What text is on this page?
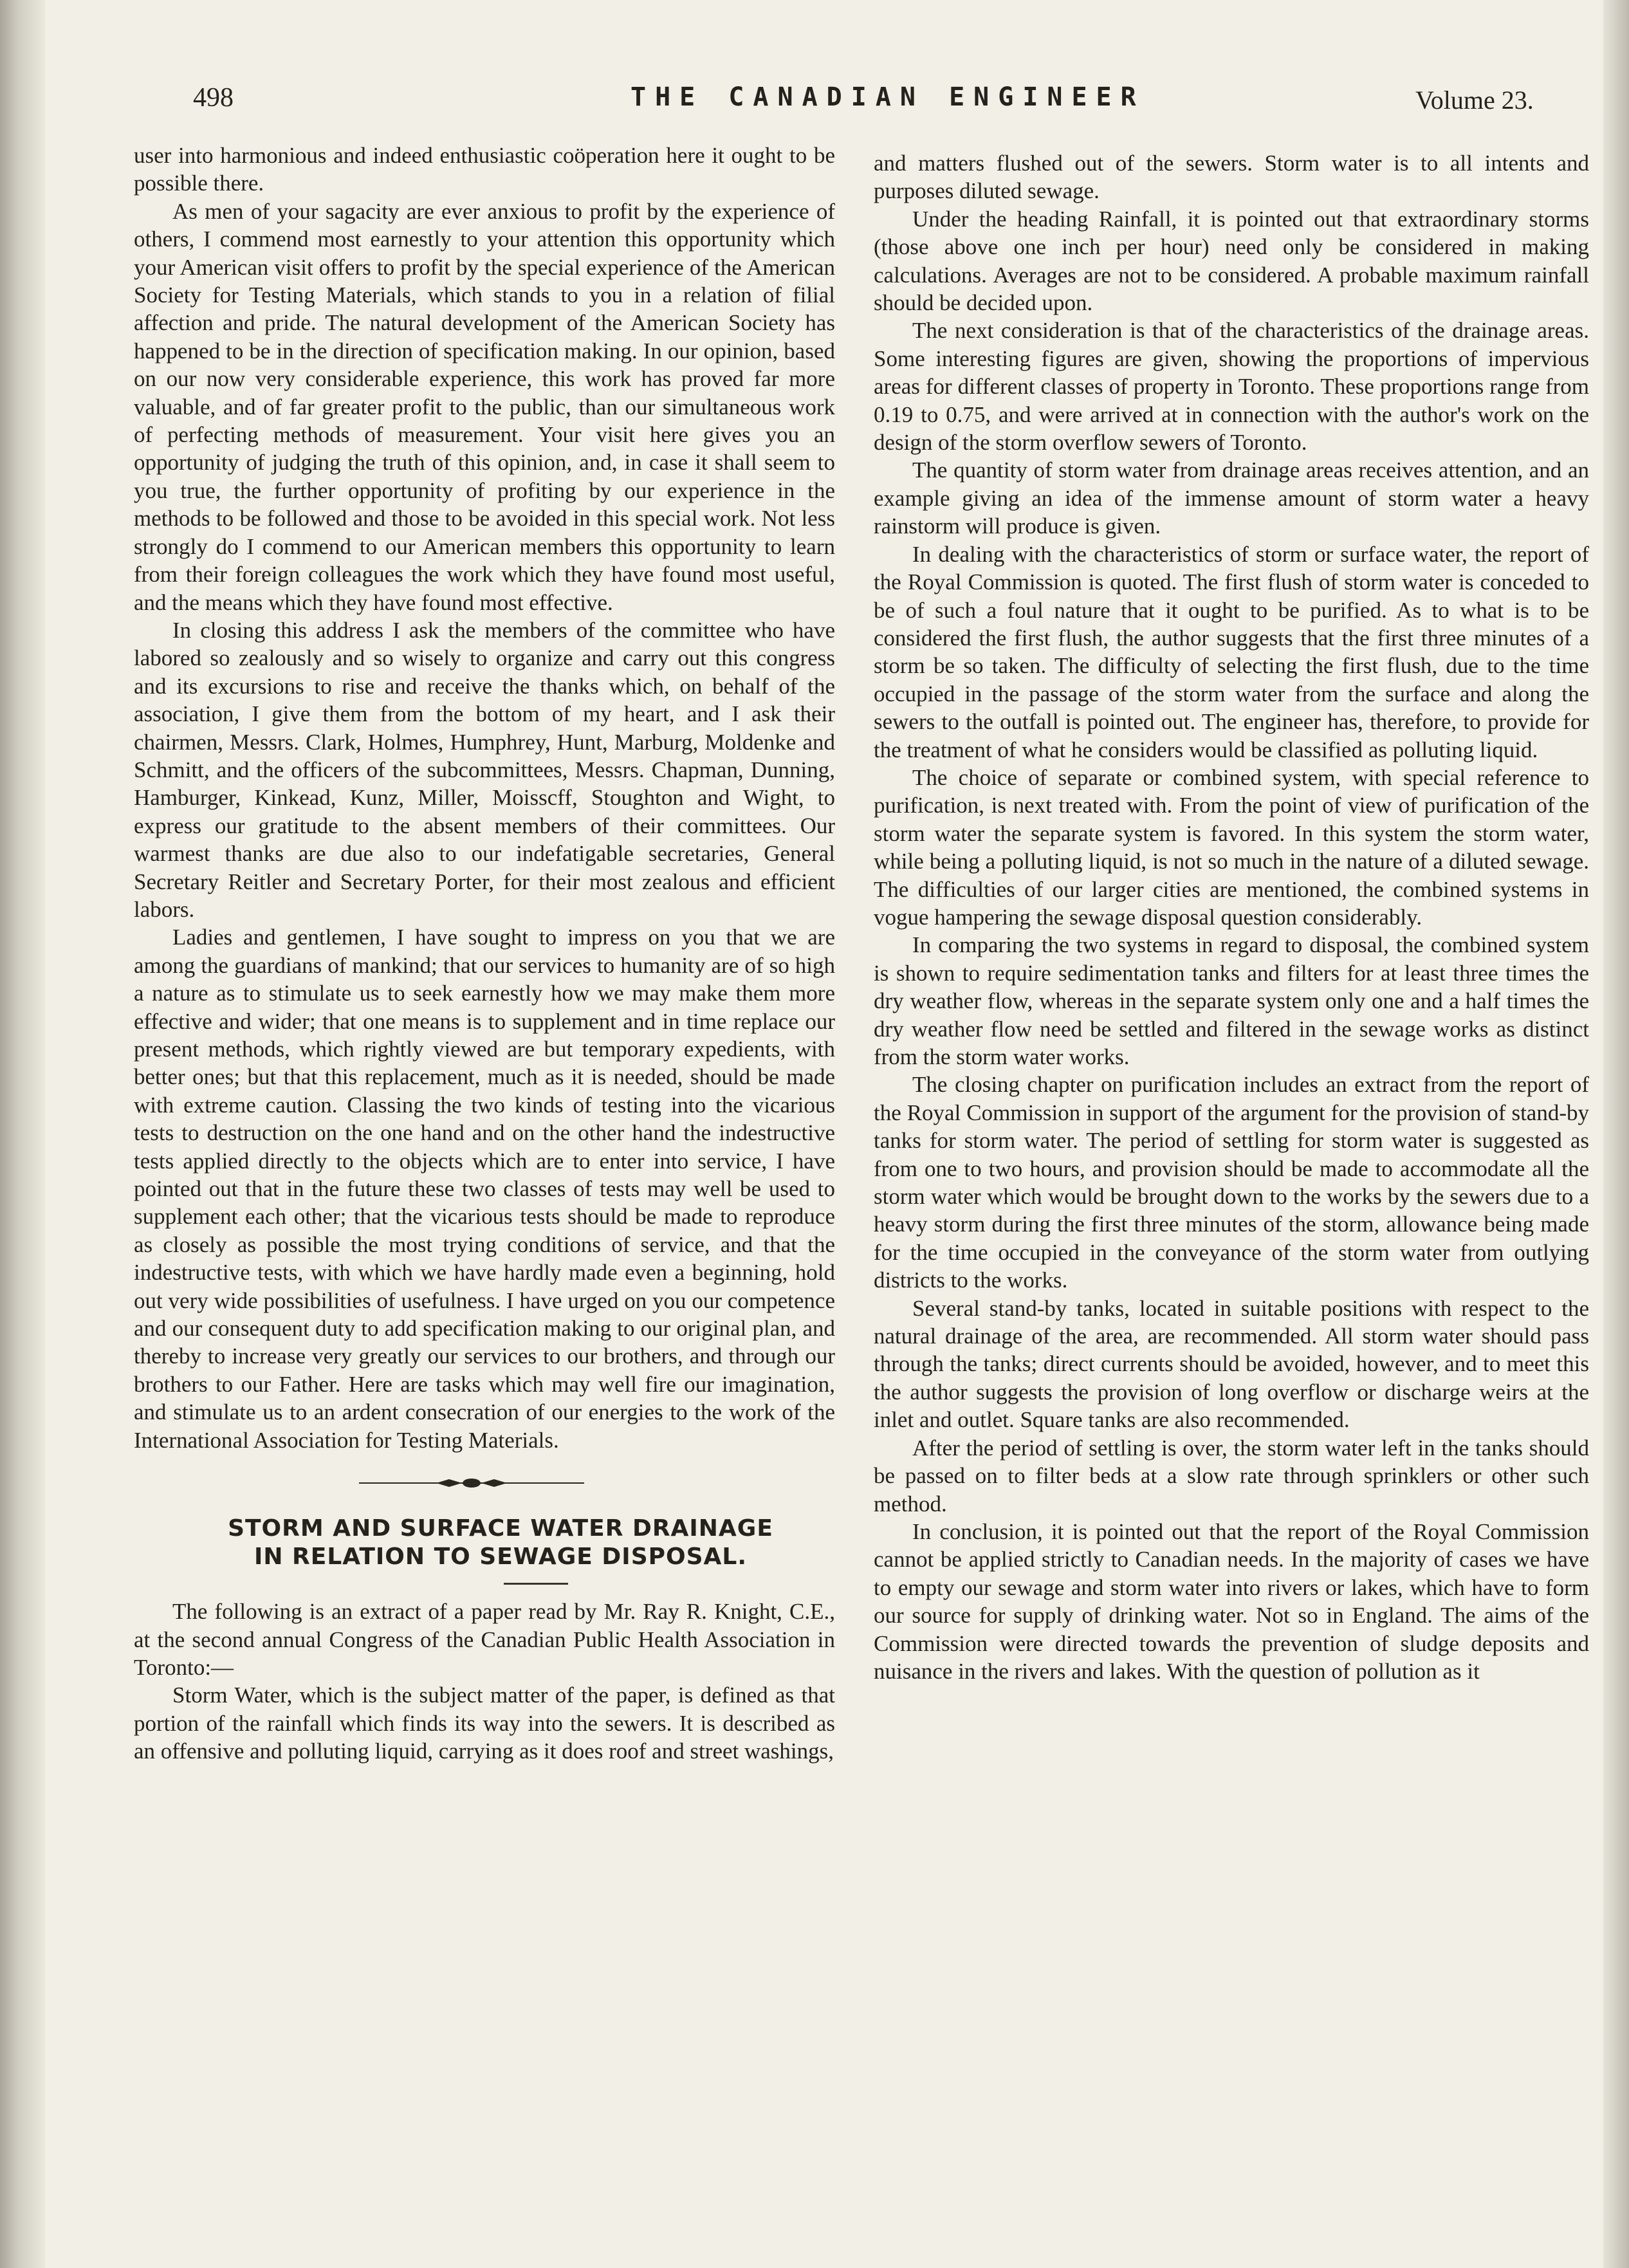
498	THE CANADIAN ENGINEER	Volume 23.

user into harmonious and indeed enthusiastic coöperation here it ought to be possible there.

As men of your sagacity are ever anxious to profit by the experience of others, I commend most earnestly to your attention this opportunity which your American visit offers to profit by the special experience of the American Society for Testing Materials, which stands to you in a relation of filial affection and pride. The natural development of the American Society has happened to be in the direction of specification making. In our opinion, based on our now very considerable experience, this work has proved far more valuable, and of far greater profit to the public, than our simultaneous work of perfecting methods of measurement. Your visit here gives you an opportunity of judging the truth of this opinion, and, in case it shall seem to you true, the further opportunity of profiting by our experience in the methods to be followed and those to be avoided in this special work. Not less strongly do I commend to our American members this opportunity to learn from their foreign colleagues the work which they have found most useful, and the means which they have found most effective.

In closing this address I ask the members of the committee who have labored so zealously and so wisely to organize and carry out this congress and its excursions to rise and receive the thanks which, on behalf of the association, I give them from the bottom of my heart, and I ask their chairmen, Messrs. Clark, Holmes, Humphrey, Hunt, Marburg, Moldenke and Schmitt, and the officers of the subcommittees, Messrs. Chapman, Dunning, Hamburger, Kinkead, Kunz, Miller, Moisscff, Stoughton and Wight, to express our gratitude to the absent members of their committees. Our warmest thanks are due also to our indefatigable secretaries, General Secretary Reitler and Secretary Porter, for their most zealous and efficient labors.

Ladies and gentlemen, I have sought to impress on you that we are among the guardians of mankind; that our services to humanity are of so high a nature as to stimulate us to seek earnestly how we may make them more effective and wider; that one means is to supplement and in time replace our present methods, which rightly viewed are but temporary expedients, with better ones; but that this replacement, much as it is needed, should be made with extreme caution. Classing the two kinds of testing into the vicarious tests to destruction on the one hand and on the other hand the indestructive tests applied directly to the objects which are to enter into service, I have pointed out that in the future these two classes of tests may well be used to supplement each other; that the vicarious tests should be made to reproduce as closely as possible the most trying conditions of service, and that the indestructive tests, with which we have hardly made even a beginning, hold out very wide possibilities of usefulness. I have urged on you our competence and our consequent duty to add specification making to our original plan, and thereby to increase very greatly our services to our brothers, and through our brothers to our Father. Here are tasks which may well fire our imagination, and stimulate us to an ardent consecration of our energies to the work of the International Association for Testing Materials.

STORM AND SURFACE WATER DRAINAGE
IN RELATION TO SEWAGE DISPOSAL.

The following is an extract of a paper read by Mr. Ray R. Knight, C.E., at the second annual Congress of the Canadian Public Health Association in Toronto:—

Storm Water, which is the subject matter of the paper, is defined as that portion of the rainfall which finds its way into the sewers. It is described as an offensive and polluting liquid, carrying as it does roof and street washings,

and matters flushed out of the sewers. Storm water is to all intents and purposes diluted sewage.

Under the heading Rainfall, it is pointed out that extraordinary storms (those above one inch per hour) need only be considered in making calculations. Averages are not to be considered. A probable maximum rainfall should be decided upon.

The next consideration is that of the characteristics of the drainage areas. Some interesting figures are given, showing the proportions of impervious areas for different classes of property in Toronto. These proportions range from 0.19 to 0.75, and were arrived at in connection with the author's work on the design of the storm overflow sewers of Toronto.

The quantity of storm water from drainage areas receives attention, and an example giving an idea of the immense amount of storm water a heavy rainstorm will produce is given.

In dealing with the characteristics of storm or surface water, the report of the Royal Commission is quoted. The first flush of storm water is conceded to be of such a foul nature that it ought to be purified. As to what is to be considered the first flush, the author suggests that the first three minutes of a storm be so taken. The difficulty of selecting the first flush, due to the time occupied in the passage of the storm water from the surface and along the sewers to the outfall is pointed out. The engineer has, therefore, to provide for the treatment of what he considers would be classified as polluting liquid.

The choice of separate or combined system, with special reference to purification, is next treated with. From the point of view of purification of the storm water the separate system is favored. In this system the storm water, while being a polluting liquid, is not so much in the nature of a diluted sewage. The difficulties of our larger cities are mentioned, the combined systems in vogue hampering the sewage disposal question considerably.

In comparing the two systems in regard to disposal, the combined system is shown to require sedimentation tanks and filters for at least three times the dry weather flow, whereas in the separate system only one and a half times the dry weather flow need be settled and filtered in the sewage works as distinct from the storm water works.

The closing chapter on purification includes an extract from the report of the Royal Commission in support of the argument for the provision of stand-by tanks for storm water. The period of settling for storm water is suggested as from one to two hours, and provision should be made to accommodate all the storm water which would be brought down to the works by the sewers due to a heavy storm during the first three minutes of the storm, allowance being made for the time occupied in the conveyance of the storm water from outlying districts to the works.

Several stand-by tanks, located in suitable positions with respect to the natural drainage of the area, are recommended. All storm water should pass through the tanks; direct currents should be avoided, however, and to meet this the author suggests the provision of long overflow or discharge weirs at the inlet and outlet. Square tanks are also recommended.

After the period of settling is over, the storm water left in the tanks should be passed on to filter beds at a slow rate through sprinklers or other such method.

In conclusion, it is pointed out that the report of the Royal Commission cannot be applied strictly to Canadian needs. In the majority of cases we have to empty our sewage and storm water into rivers or lakes, which have to form our source for supply of drinking water. Not so in England. The aims of the Commission were directed towards the prevention of sludge deposits and nuisance in the rivers and lakes. With the question of pollution as it
